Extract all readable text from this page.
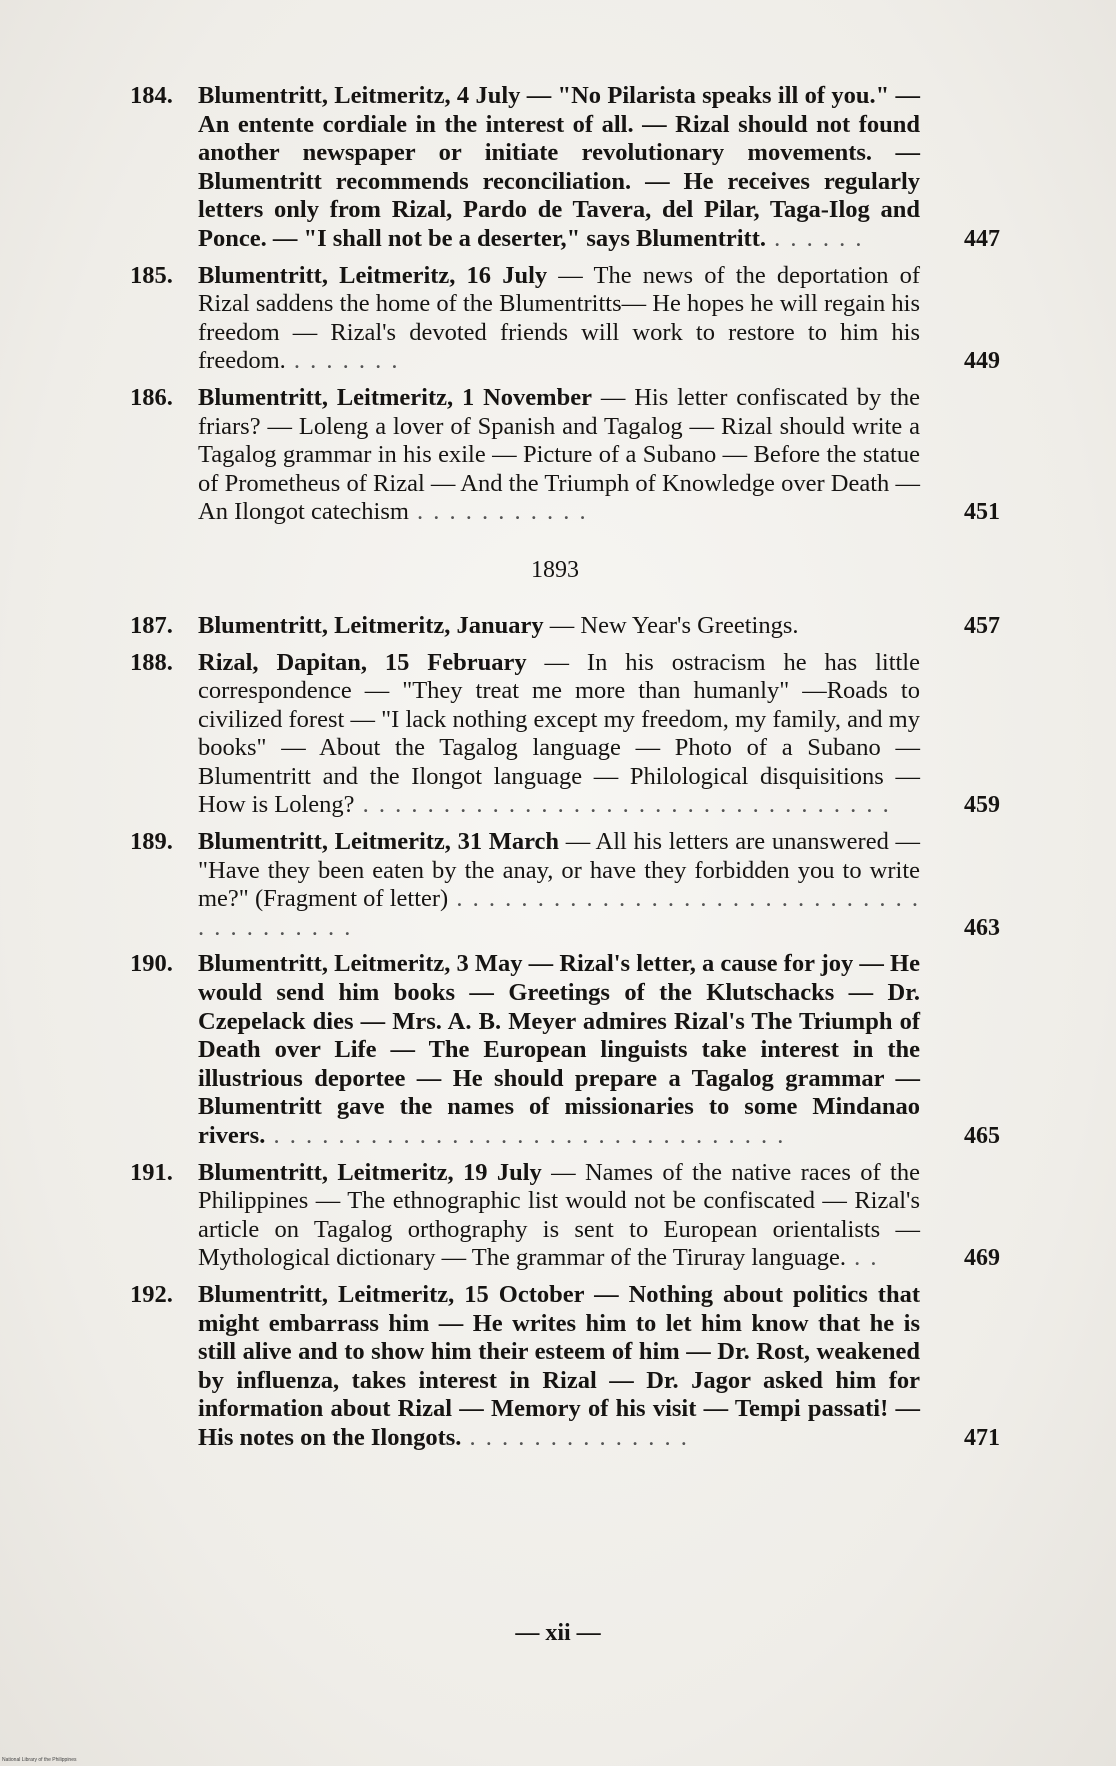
184. Blumentritt, Leitmeritz, 4 July — "No Pilarista speaks ill of you." — An entente cordiale in the interest of all. — Rizal should not found another newspaper or initiate revolutionary movements. — Blumentritt recommends reconciliation. — He receives regularly letters only from Rizal, Pardo de Tavera, del Pilar, Taga-Ilog and Ponce. — "I shall not be a deserter," says Blumentritt. . . . . . .	447
185. Blumentritt, Leitmeritz, 16 July — The news of the deportation of Rizal saddens the home of the Blumentritts— He hopes he will regain his freedom — Rizal's devoted friends will work to restore to him his freedom. . . . . . . .	449
186. Blumentritt, Leitmeritz, 1 November — His letter confiscated by the friars? — Loleng a lover of Spanish and Tagalog — Rizal should write a Tagalog grammar in his exile — Picture of a Subano — Before the statue of Prometheus of Rizal — And the Triumph of Knowledge over Death — An Ilongot catechism . . . . . . . . . . .	451
1893
187. Blumentritt, Leitmeritz, January — New Year's Greetings.	457
188. Rizal, Dapitan, 15 February — In his ostracism he has little correspondence — "They treat me more than humanly" —Roads to civilized forest — "I lack nothing except my freedom, my family, and my books" — About the Tagalog language — Photo of a Subano — Blumentritt and the Ilongot language — Philological disquisitions — How is Loleng? . . . . . . . . . . . . . . . . . . . . . . . . . . . . . . . . .	459
189. Blumentritt, Leitmeritz, 31 March — All his letters are unanswered — "Have they been eaten by the anay, or have they forbidden you to write me?" (Fragment of letter) . . . . . . . . . . . . . . . . . . . . . . . . . . . . . . . . . . . . . . .	463
190. Blumentritt, Leitmeritz, 3 May — Rizal's letter, a cause for joy — He would send him books — Greetings of the Klutschacks — Dr. Czepelack dies — Mrs. A. B. Meyer admires Rizal's The Triumph of Death over Life — The European linguists take interest in the illustrious deportee — He should prepare a Tagalog grammar —Blumentritt gave the names of missionaries to some Mindanao rivers. . . . . . . . . . . . . . . . . . . . . . . . . . . . . . . . .	465
191. Blumentritt, Leitmeritz, 19 July — Names of the native races of the Philippines — The ethnographic list would not be confiscated — Rizal's article on Tagalog orthography is sent to European orientalists — Mythological dictionary — The grammar of the Tiruray language. . .	469
192. Blumentritt, Leitmeritz, 15 October — Nothing about politics that might embarrass him — He writes him to let him know that he is still alive and to show him their esteem of him — Dr. Rost, weakened by influenza, takes interest in Rizal — Dr. Jagor asked him for information about Rizal — Memory of his visit — Tempi passati! — His notes on the Ilongots. . . . . . . . . . . . . . .	471
— xii —
National Library of the Philippines
